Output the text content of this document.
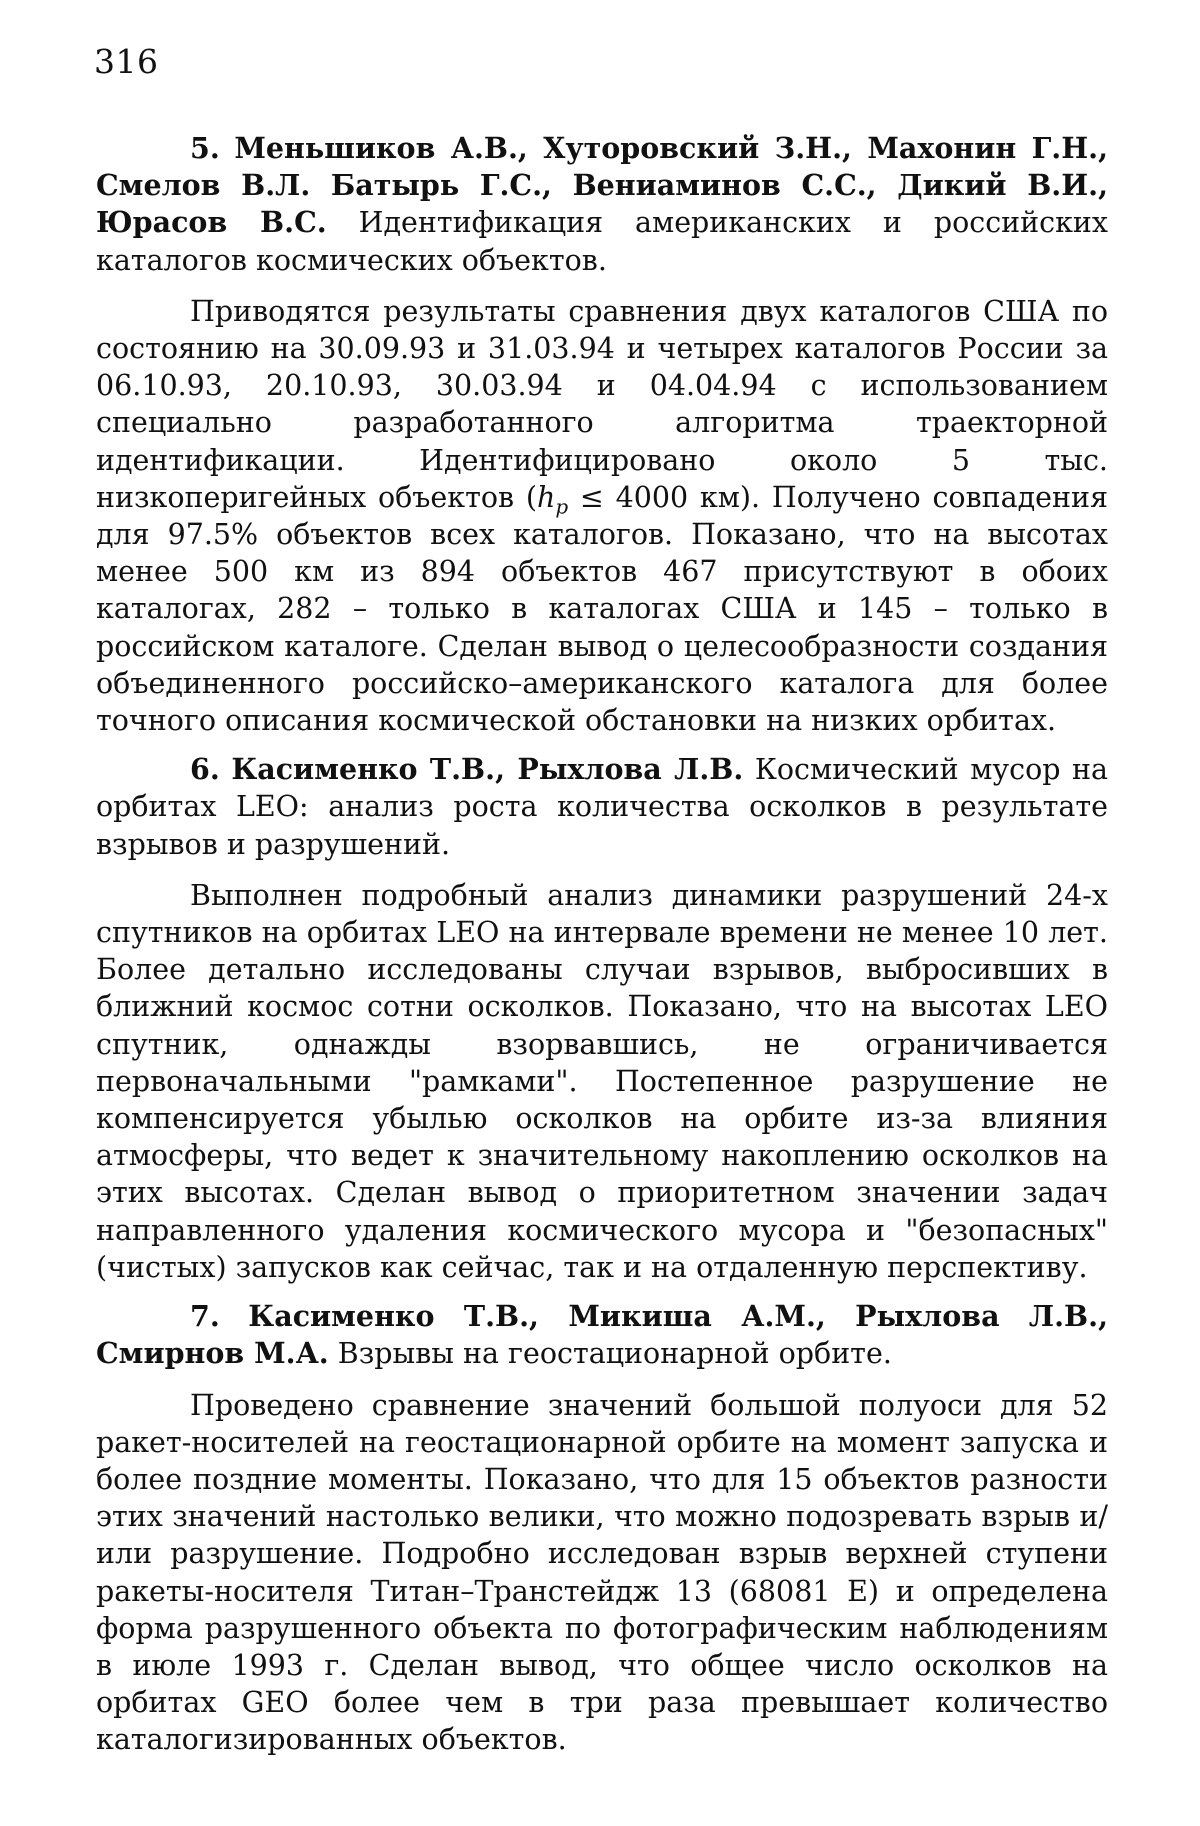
316

5. Меньшиков А.В., Хуторовский З.Н., Махонин Г.Н., Смелов В.Л. Батырь Г.С., Вениаминов С.С., Дикий В.И., Юрасов В.С. Идентификация американских и российских каталогов космических объектов.

Приводятся результаты сравнения двух каталогов США по состоянию на 30.09.93 и 31.03.94 и четырех каталогов России за 06.10.93, 20.10.93, 30.03.94 и 04.04.94 с использованием специально разработанного алгоритма траекторной идентификации. Идентифицировано около 5 тыс. низкоперигейных объектов ($h_p \le 4000$ км). Получено совпадения для 97.5% объектов всех каталогов. Показано, что на высотах менее 500 км из 894 объектов 467 присутствуют в обоих каталогах, 282 – только в каталогах США и 145 – только в российском каталоге. Сделан вывод о целесообразности создания объединенного российско–американского каталога для более точного описания космической обстановки на низких орбитах.

6. Касименко Т.В., Рыхлова Л.В. Космический мусор на орбитах LEO: анализ роста количества осколков в результате взрывов и разрушений.

Выполнен подробный анализ динамики разрушений 24-х спутников на орбитах LEO на интервале времени не менее 10 лет. Более детально исследованы случаи взрывов, выбросивших в ближний космос сотни осколков. Показано, что на высотах LEO спутник, однажды взорвавшись, не ограничивается первоначальными "рамками". Постепенное разрушение не компенсируется убылью осколков на орбите из-за влияния атмосферы, что ведет к значительному накоплению осколков на этих высотах. Сделан вывод о приоритетном значении задач направленного удаления космического мусора и "безопасных" (чистых) запусков как сейчас, так и на отдаленную перспективу.

7. Касименко Т.В., Микиша А.М., Рыхлова Л.В., Смирнов М.А. Взрывы на геостационарной орбите.

Проведено сравнение значений большой полуоси для 52 ракет-носителей на геостационарной орбите на момент запуска и более поздние моменты. Показано, что для 15 объектов разности этих значений настолько велики, что можно подозревать взрыв и/или разрушение. Подробно исследован взрыв верхней ступени ракеты-носителя Титан–Транстейдж 13 (68081 E) и определена форма разрушенного объекта по фотографическим наблюдениям в июле 1993 г. Сделан вывод, что общее число осколков на орбитах GEO более чем в три раза превышает количество каталогизированных объектов.
